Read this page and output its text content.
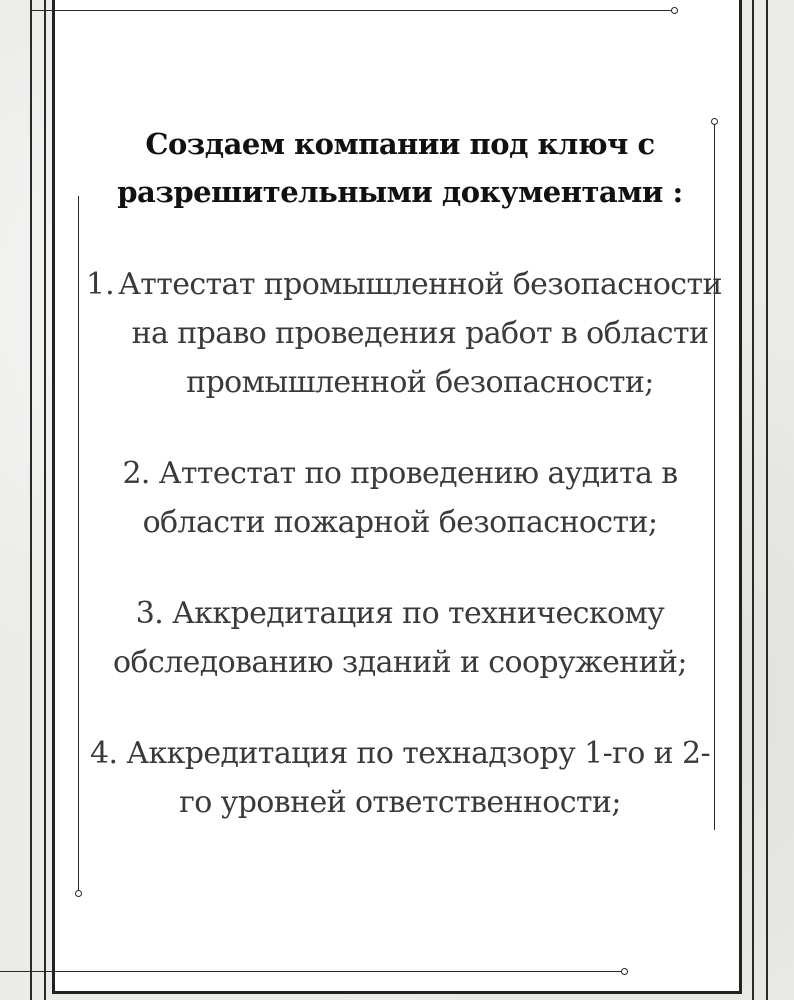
Создаем компании под ключ с разрешительными документами :
1. Аттестат промышленной безопасности на право проведения работ в области промышленной безопасности;
2. Аттестат по проведению аудита в области пожарной безопасности;
3. Аккредитация по техническому обследованию зданий и сооружений;
4. Аккредитация по технадзору 1-го и 2-го уровней ответственности;
